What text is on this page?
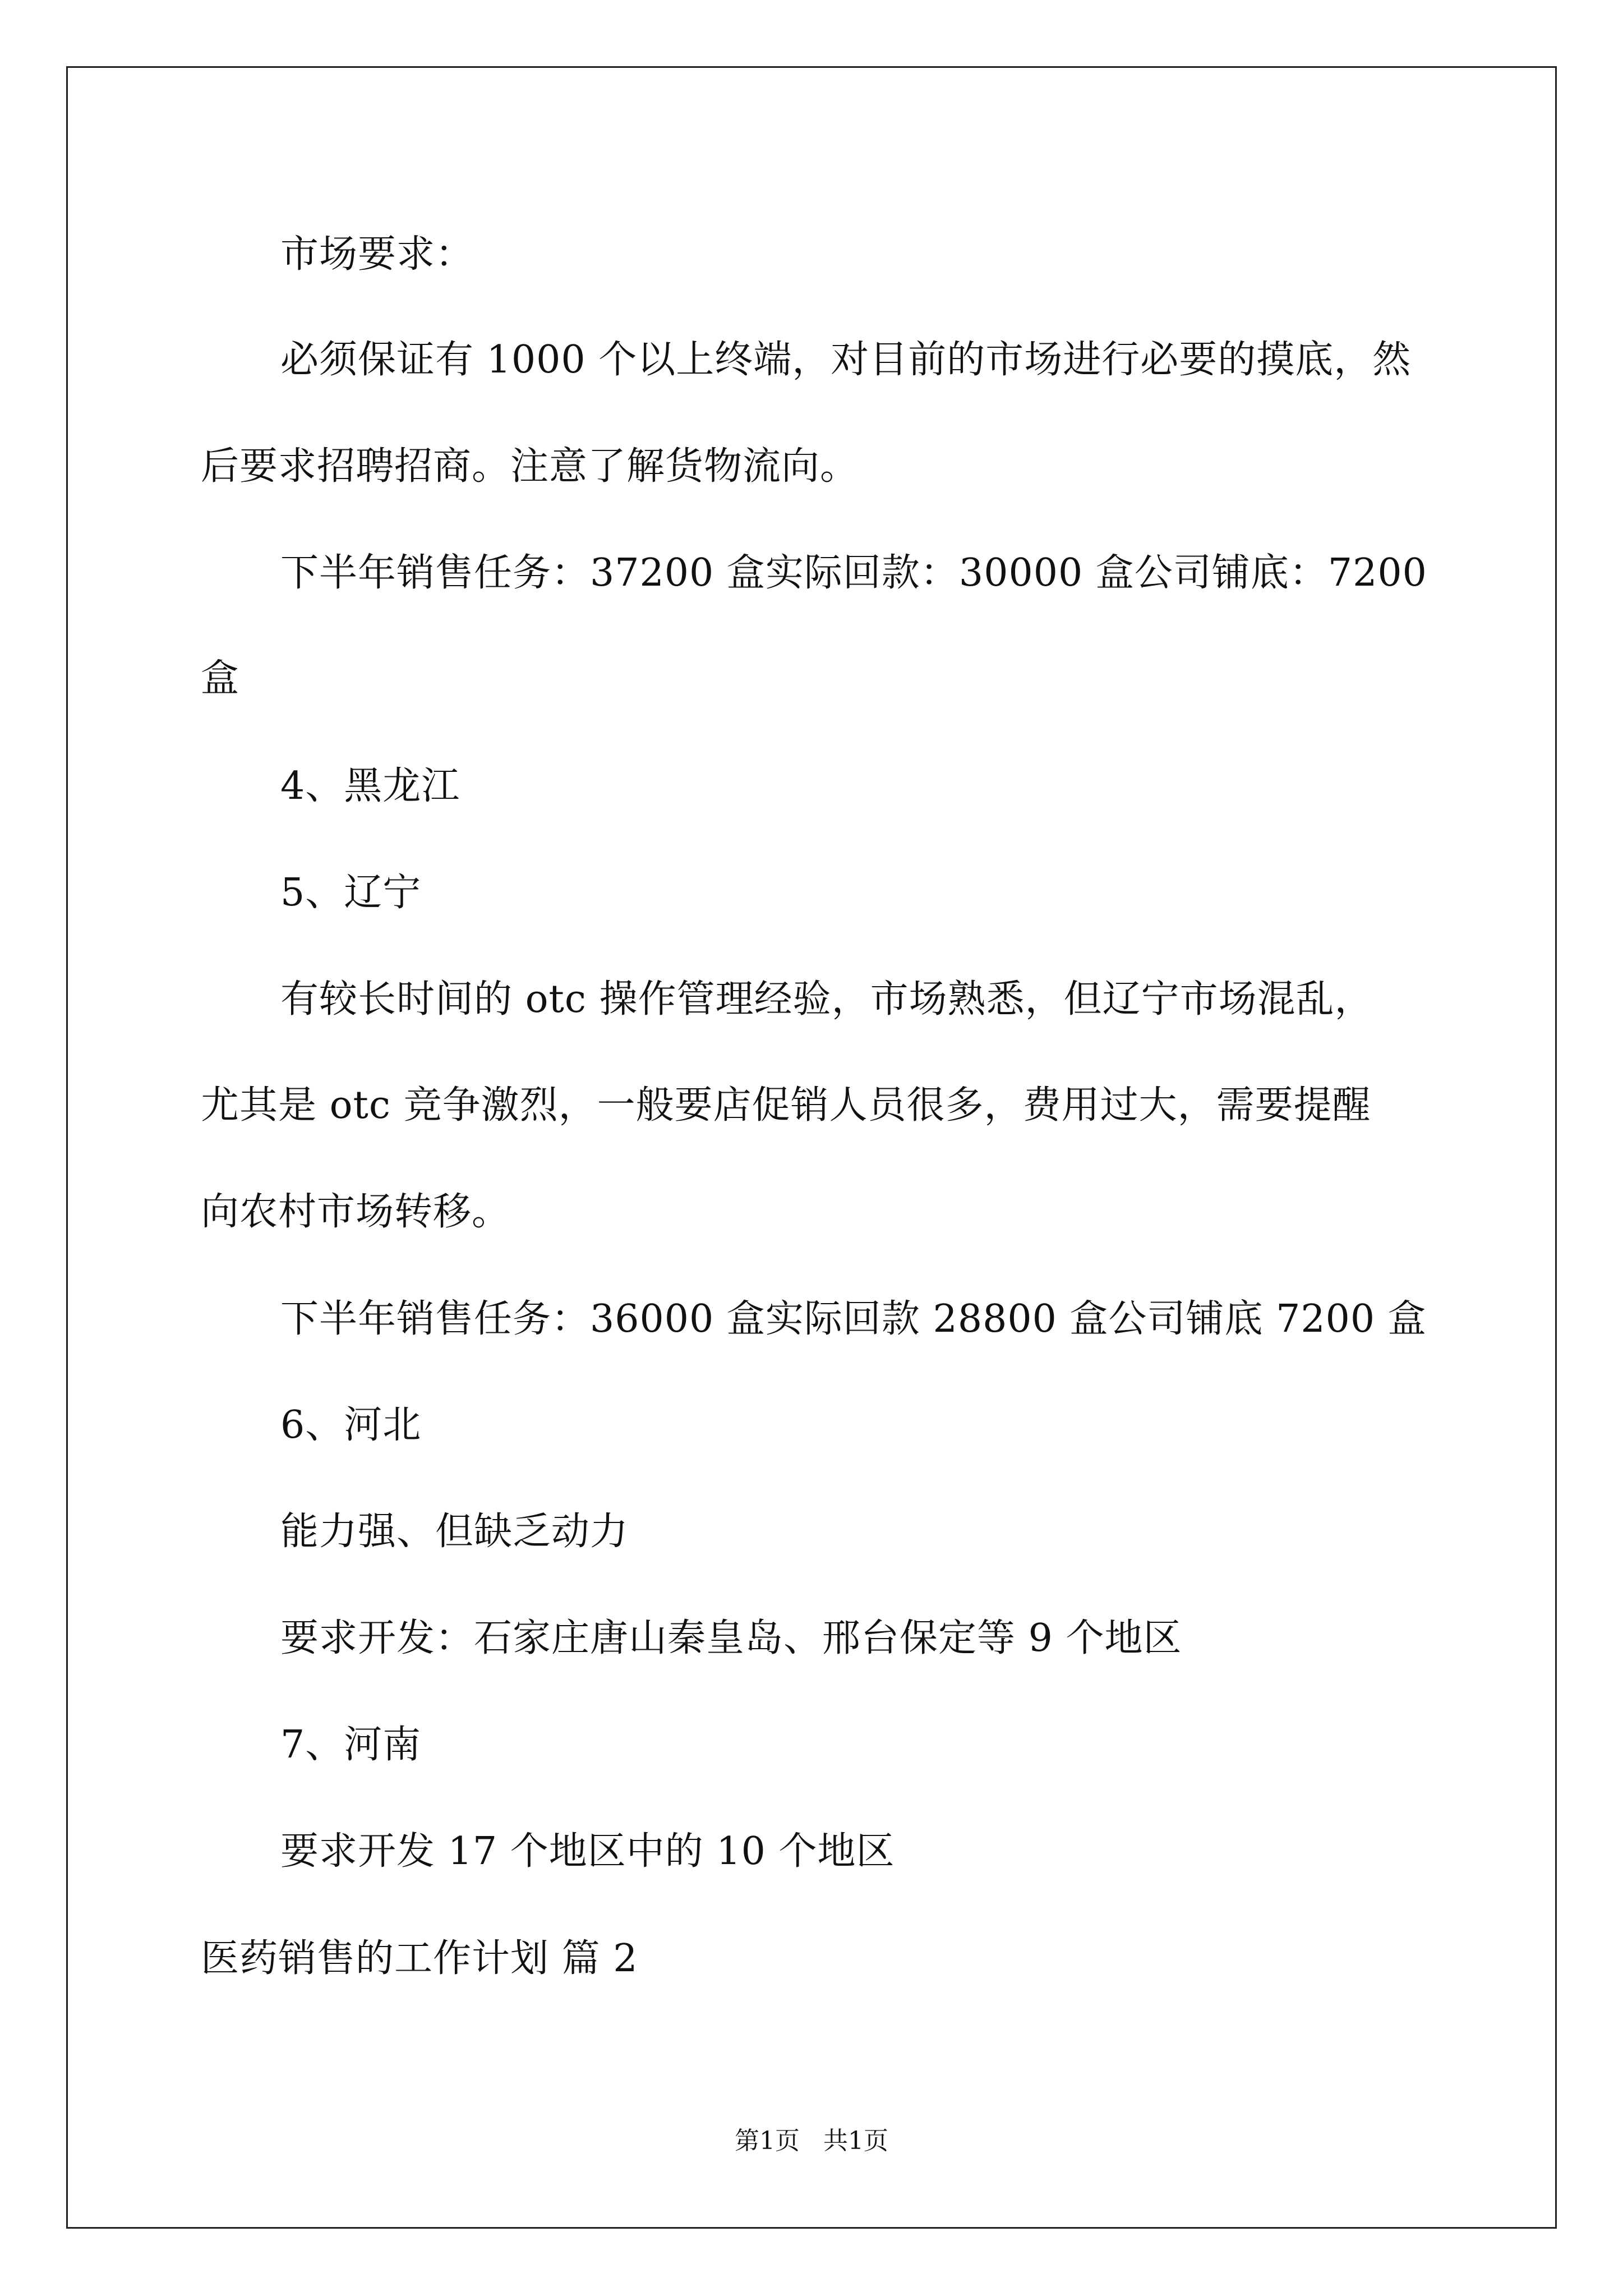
市场要求：
必须保证有 1000 个以上终端，对目前的市场进行必要的摸底，然
后要求招聘招商。注意了解货物流向。
下半年销售任务：37200 盒实际回款：30000 盒公司铺底：7200
盒
4、黑龙江
5、辽宁
有较长时间的 otc 操作管理经验，市场熟悉，但辽宁市场混乱，
尤其是 otc 竞争激烈，一般要店促销人员很多，费用过大，需要提醒
向农村市场转移。
下半年销售任务：36000 盒实际回款 28800 盒公司铺底 7200 盒
6、河北
能力强、但缺乏动力
要求开发：石家庄唐山秦皇岛、邢台保定等 9 个地区
7、河南
要求开发 17 个地区中的 10 个地区
医药销售的工作计划 篇 2
第1页   共1页
